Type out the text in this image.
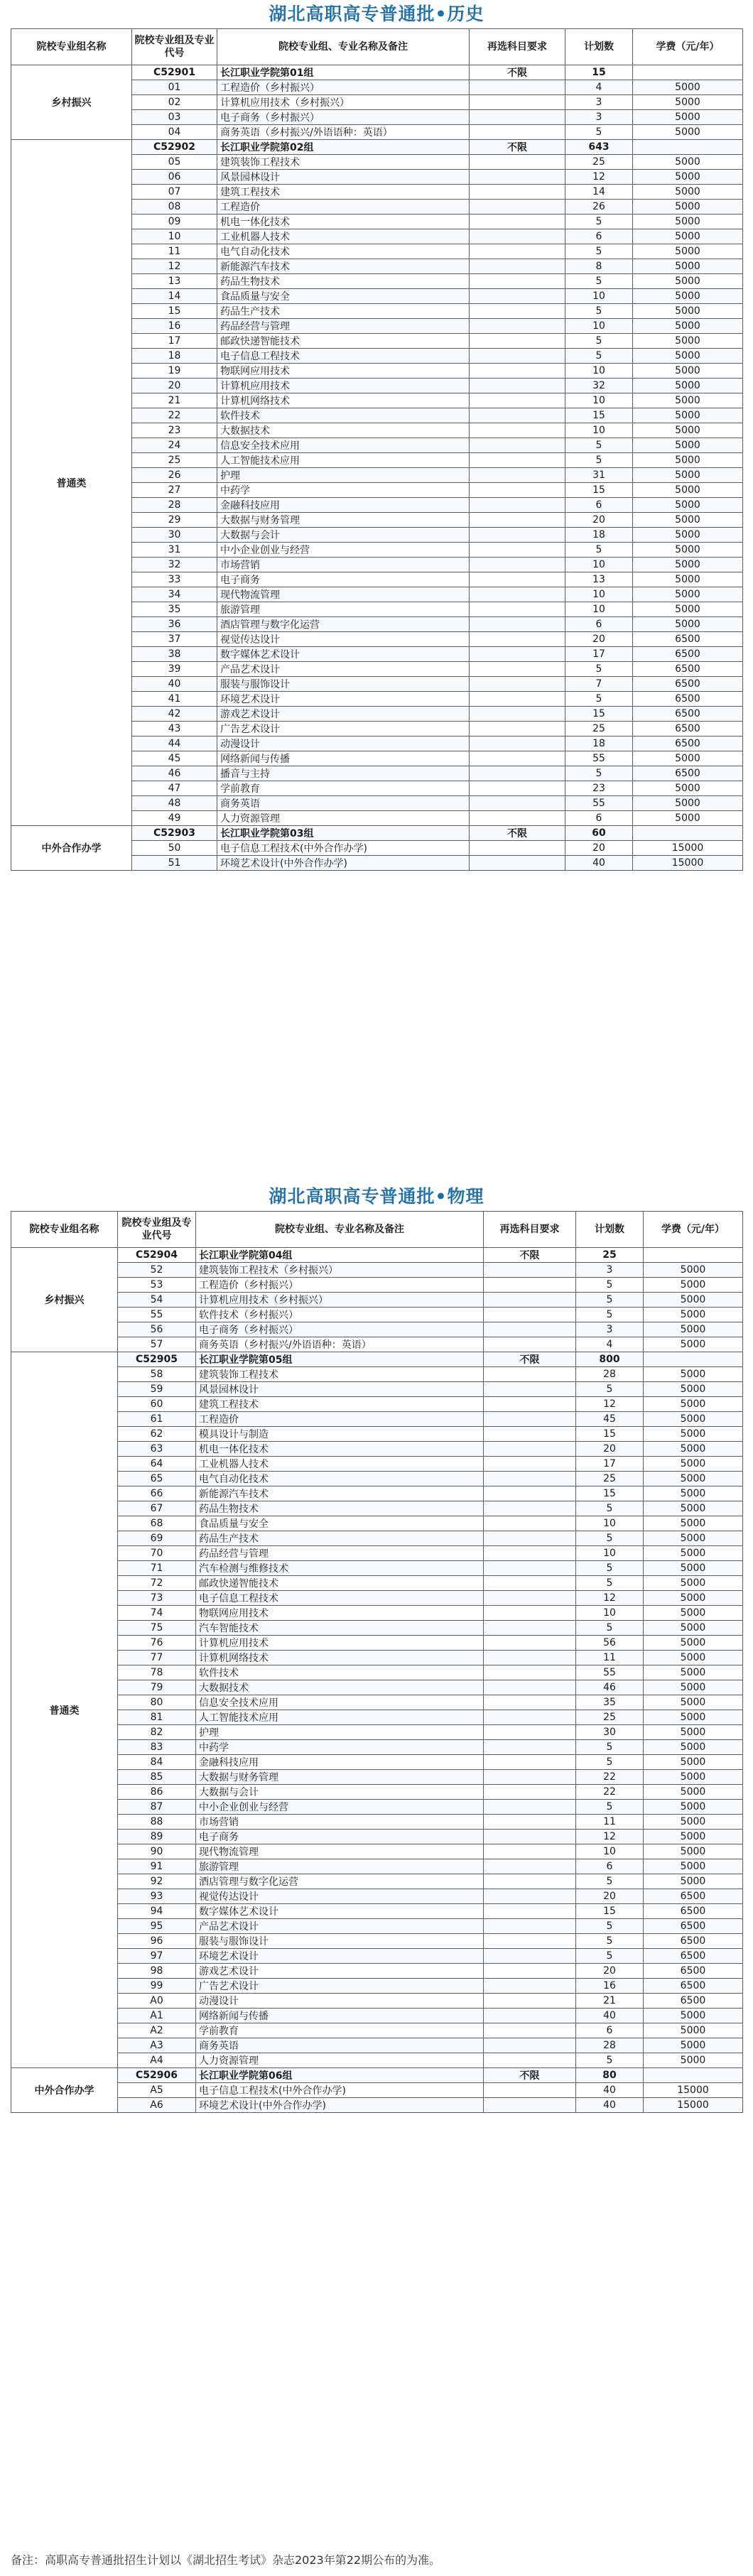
湖北高职高专普通批•历史
院校专业组名称	院校专业组及专业代号	院校专业组、专业名称及备注	再选科目要求	计划数	学费（元/年）
乡村振兴	C52901	长江职业学院第01组	不限	15	
	01	工程造价（乡村振兴）		4	5000
	02	计算机应用技术（乡村振兴）		3	5000
	03	电子商务（乡村振兴）		3	5000
	04	商务英语（乡村振兴/外语语种：英语）		5	5000
普通类	C52902	长江职业学院第02组	不限	643	
	05	建筑装饰工程技术		25	5000
	06	风景园林设计		12	5000
	07	建筑工程技术		14	5000
	08	工程造价		26	5000
	09	机电一体化技术		5	5000
	10	工业机器人技术		6	5000
	11	电气自动化技术		5	5000
	12	新能源汽车技术		8	5000
	13	药品生物技术		5	5000
	14	食品质量与安全		10	5000
	15	药品生产技术		5	5000
	16	药品经营与管理		10	5000
	17	邮政快递智能技术		5	5000
	18	电子信息工程技术		5	5000
	19	物联网应用技术		10	5000
	20	计算机应用技术		32	5000
	21	计算机网络技术		10	5000
	22	软件技术		15	5000
	23	大数据技术		10	5000
	24	信息安全技术应用		5	5000
	25	人工智能技术应用		5	5000
	26	护理		31	5000
	27	中药学		15	5000
	28	金融科技应用		6	5000
	29	大数据与财务管理		20	5000
	30	大数据与会计		18	5000
	31	中小企业创业与经营		5	5000
	32	市场营销		10	5000
	33	电子商务		13	5000
	34	现代物流管理		10	5000
	35	旅游管理		10	5000
	36	酒店管理与数字化运营		6	5000
	37	视觉传达设计		20	6500
	38	数字媒体艺术设计		17	6500
	39	产品艺术设计		5	6500
	40	服装与服饰设计		7	6500
	41	环境艺术设计		5	6500
	42	游戏艺术设计		15	6500
	43	广告艺术设计		25	6500
	44	动漫设计		18	6500
	45	网络新闻与传播		55	5000
	46	播音与主持		5	6500
	47	学前教育		23	5000
	48	商务英语		55	5000
	49	人力资源管理		6	5000
中外合作办学	C52903	长江职业学院第03组	不限	60	
	50	电子信息工程技术(中外合作办学)		20	15000
	51	环境艺术设计(中外合作办学)		40	15000
湖北高职高专普通批•物理
院校专业组名称	院校专业组及专业代号	院校专业组、专业名称及备注	再选科目要求	计划数	学费（元/年）
乡村振兴	C52904	长江职业学院第04组	不限	25	
	52	建筑装饰工程技术（乡村振兴）		3	5000
	53	工程造价（乡村振兴）		5	5000
	54	计算机应用技术（乡村振兴）		5	5000
	55	软件技术（乡村振兴）		5	5000
	56	电子商务（乡村振兴）		3	5000
	57	商务英语（乡村振兴/外语语种：英语）		4	5000
普通类	C52905	长江职业学院第05组	不限	800	
	58	建筑装饰工程技术		28	5000
	59	风景园林设计		5	5000
	60	建筑工程技术		12	5000
	61	工程造价		45	5000
	62	模具设计与制造		15	5000
	63	机电一体化技术		20	5000
	64	工业机器人技术		17	5000
	65	电气自动化技术		25	5000
	66	新能源汽车技术		15	5000
	67	药品生物技术		5	5000
	68	食品质量与安全		10	5000
	69	药品生产技术		5	5000
	70	药品经营与管理		10	5000
	71	汽车检测与维修技术		5	5000
	72	邮政快递智能技术		5	5000
	73	电子信息工程技术		12	5000
	74	物联网应用技术		10	5000
	75	汽车智能技术		5	5000
	76	计算机应用技术		56	5000
	77	计算机网络技术		11	5000
	78	软件技术		55	5000
	79	大数据技术		46	5000
	80	信息安全技术应用		35	5000
	81	人工智能技术应用		25	5000
	82	护理		30	5000
	83	中药学		5	5000
	84	金融科技应用		5	5000
	85	大数据与财务管理		22	5000
	86	大数据与会计		22	5000
	87	中小企业创业与经营		5	5000
	88	市场营销		11	5000
	89	电子商务		12	5000
	90	现代物流管理		10	5000
	91	旅游管理		6	5000
	92	酒店管理与数字化运营		5	5000
	93	视觉传达设计		20	6500
	94	数字媒体艺术设计		15	6500
	95	产品艺术设计		5	6500
	96	服装与服饰设计		5	6500
	97	环境艺术设计		5	6500
	98	游戏艺术设计		20	6500
	99	广告艺术设计		16	6500
	A0	动漫设计		21	6500
	A1	网络新闻与传播		40	5000
	A2	学前教育		6	5000
	A3	商务英语		28	5000
	A4	人力资源管理		5	5000
中外合作办学	C52906	长江职业学院第06组	不限	80	
	A5	电子信息工程技术(中外合作办学)		40	15000
	A6	环境艺术设计(中外合作办学)		40	15000
备注：高职高专普通批招生计划以《湖北招生考试》杂志2023年第22期公布的为准。
